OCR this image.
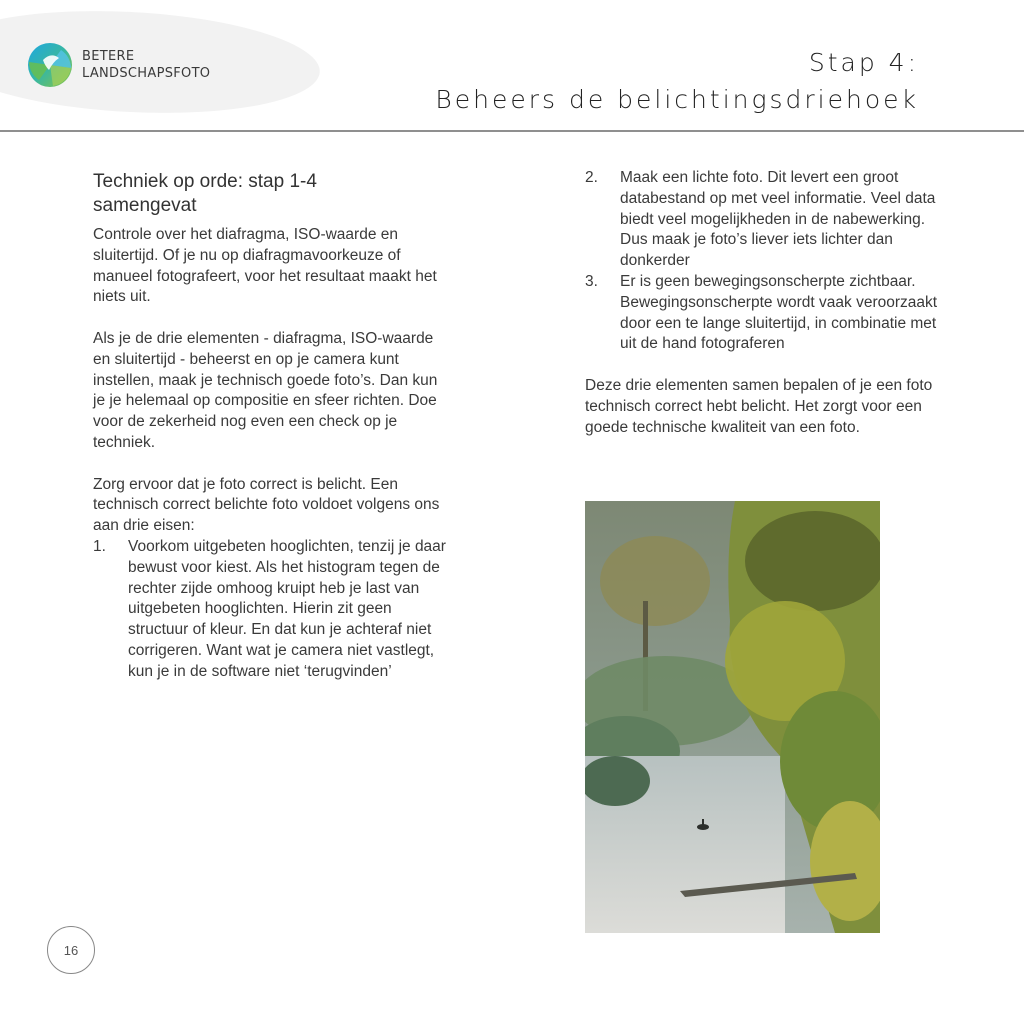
BETERE
LANDSCHAPSFOTO	Stap 4:
Beheers de belichtingsdriehoek
Techniek op orde: stap 1-4
samengevat

Controle over het diafragma, ISO-waarde en sluitertijd. Of je nu op diafragmavoorkeuze of manueel fotografeert, voor het resultaat maakt het niets uit.

Als je de drie elementen - diafragma, ISO-waarde en sluitertijd - beheerst en op je camera kunt instellen, maak je technisch goede foto’s. Dan kun je je helemaal op compositie en sfeer richten. Doe voor de zekerheid nog even een check op je techniek.

Zorg ervoor dat je foto correct is belicht. Een technisch correct belichte foto voldoet volgens ons aan drie eisen:

1.	Voorkom uitgebeten hooglichten, tenzij je daar bewust voor kiest. Als het histogram tegen de rechter zijde omhoog kruipt heb je last van uitgebeten hooglichten. Hierin zit geen structuur of kleur. En dat kun je achteraf niet corrigeren. Want wat je camera niet vastlegt, kun je in de software niet ‘terugvinden’
2.	Maak een lichte foto. Dit levert een groot databestand op met veel informatie. Veel data biedt veel mogelijkheden in de nabewerking. Dus maak je foto’s liever iets lichter dan donkerder
3.	Er is geen bewegingsonscherpte zichtbaar. Bewegingsonscherpte wordt vaak veroorzaakt door een te lange sluitertijd, in combinatie met uit de hand fotograferen

Deze drie elementen samen bepalen of je een foto technisch correct hebt belicht. Het zorgt voor een goede technische kwaliteit van een foto.

16
